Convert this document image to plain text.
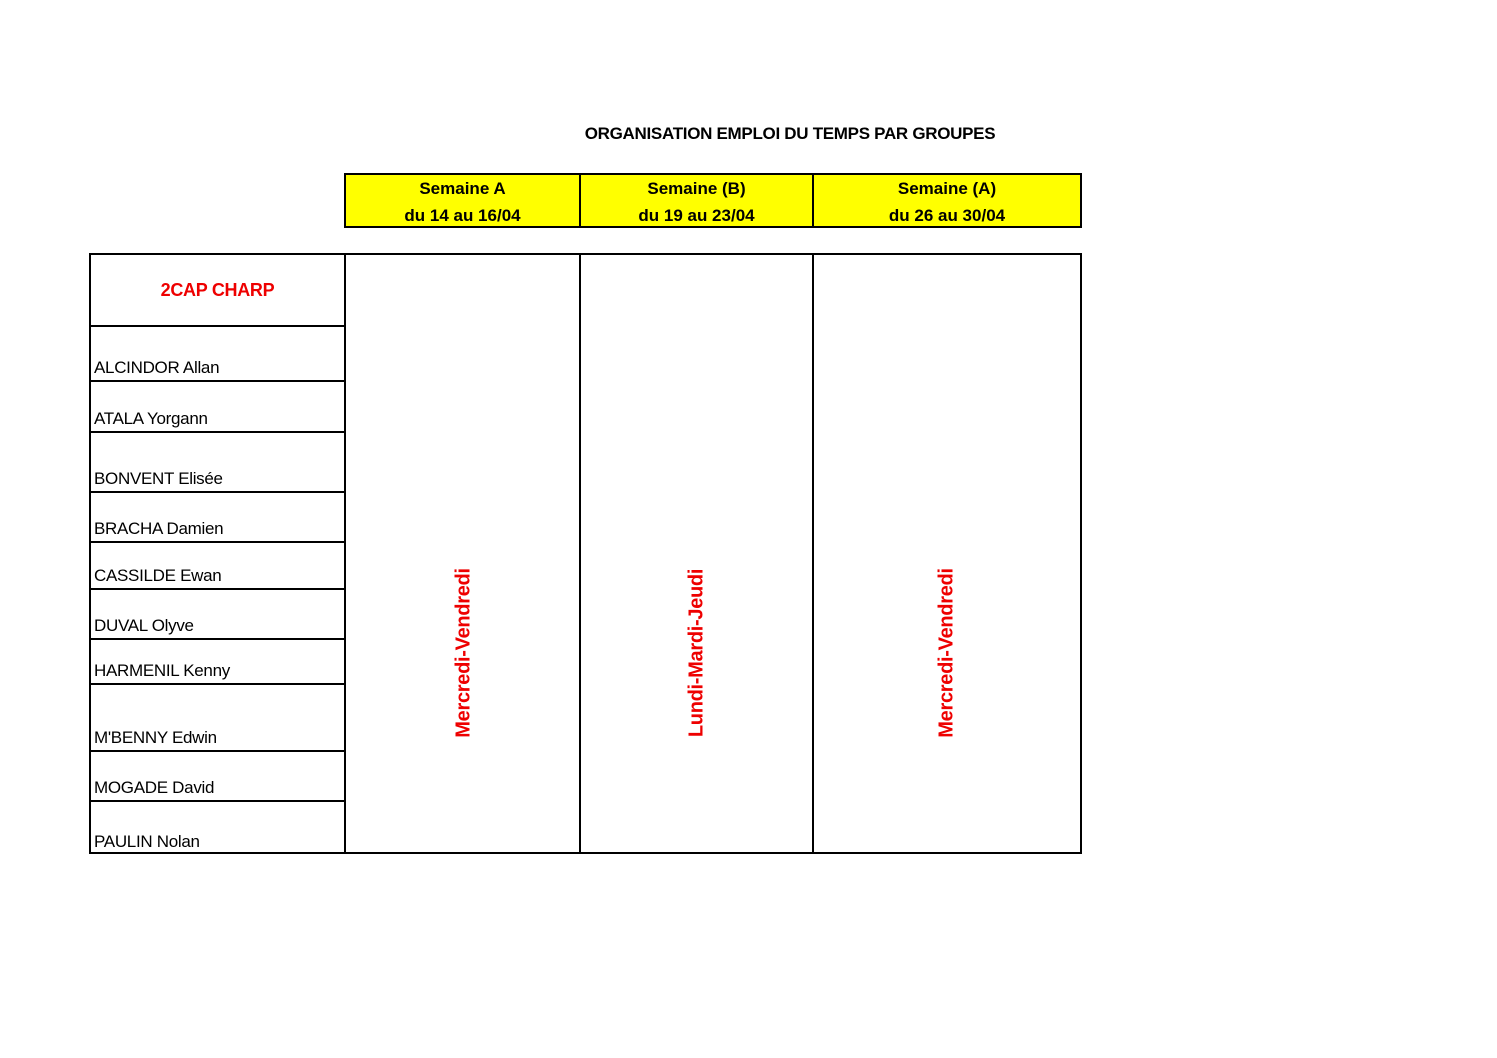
ORGANISATION EMPLOI DU TEMPS PAR GROUPES
Semaine A
du 14 au 16/04
Semaine (B)
du 19 au 23/04
Semaine (A)
du 26 au 30/04
2CAP CHARP
ALCINDOR Allan
ATALA Yorgann
BONVENT Elisée
BRACHA Damien
CASSILDE Ewan
DUVAL Olyve
HARMENIL Kenny
M'BENNY Edwin
MOGADE David
PAULIN Nolan
Mercredi-Vendredi	Lundi-Mardi-Jeudi	Mercredi-Vendredi
